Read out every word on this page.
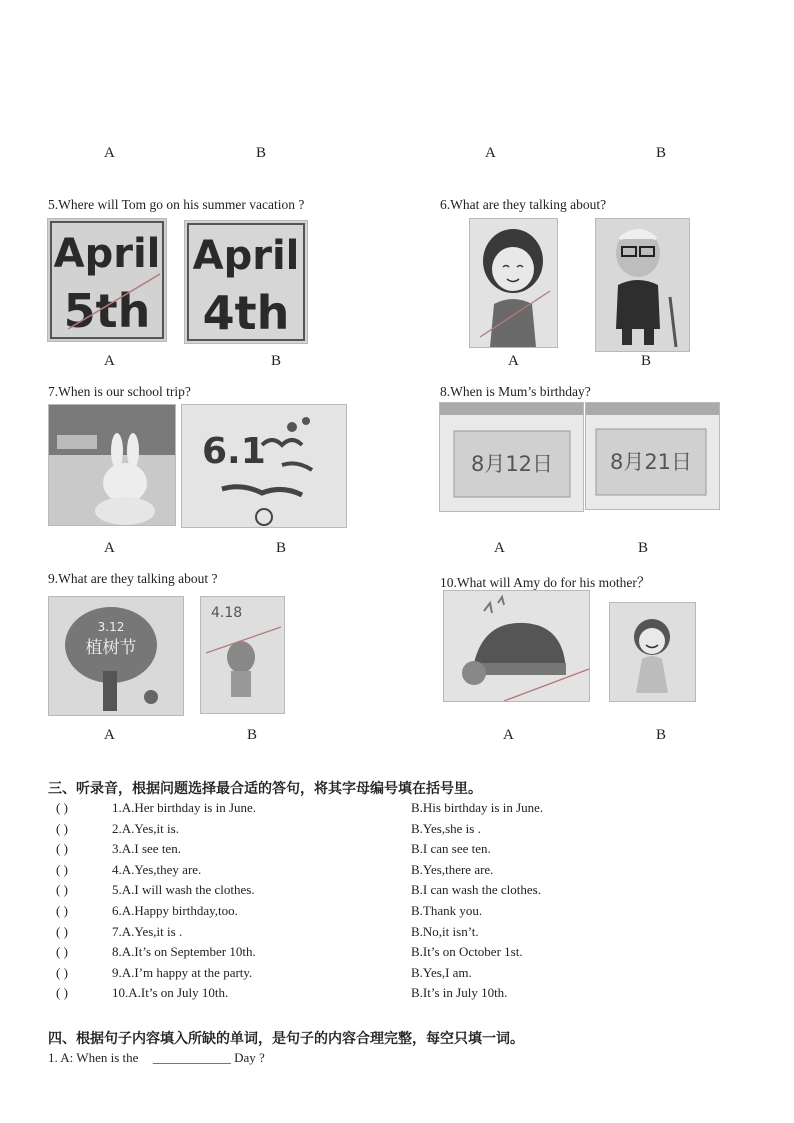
A	B	A	B
5.Where will Tom go on his summer vacation ?
April
5th
April
4th
A	B
6.What are they talking about?
A	B
7.When is our school trip?
6.1
A	B
8.When is Mum’s birthday?
8月12日	8月21日
A	B
9.What are they talking about ?
3.12
植树节
4.18
A	B
10.What will Amy do for his mother？
A	B
三、听录音，根据问题选择最合适的答句，将其字母编号填在括号里。
( )	1.A.Her birthday is in June.	B.His birthday is in June.
( )	2.A.Yes,it is.	B.Yes,she is .
( )	3.A.I see ten.	B.I can see ten.
( )	4.A.Yes,they are.	B.Yes,there are.
( )	5.A.I will wash the clothes.	B.I can wash the clothes.
( )	6.A.Happy birthday,too.	B.Thank you.
( )	7.A.Yes,it is .	B.No,it isn’t.
( )	8.A.It’s on September 10th.	B.It’s on October 1st.
( )	9.A.I’m happy at the party.	B.Yes,I am.
( )	10.A.It’s on July 10th.	B.It’s in July 10th.
四、根据句子内容填入所缺的单词，是句子的内容合理完整，每空只填一词。
1. A: When is the ____________ Day ?
